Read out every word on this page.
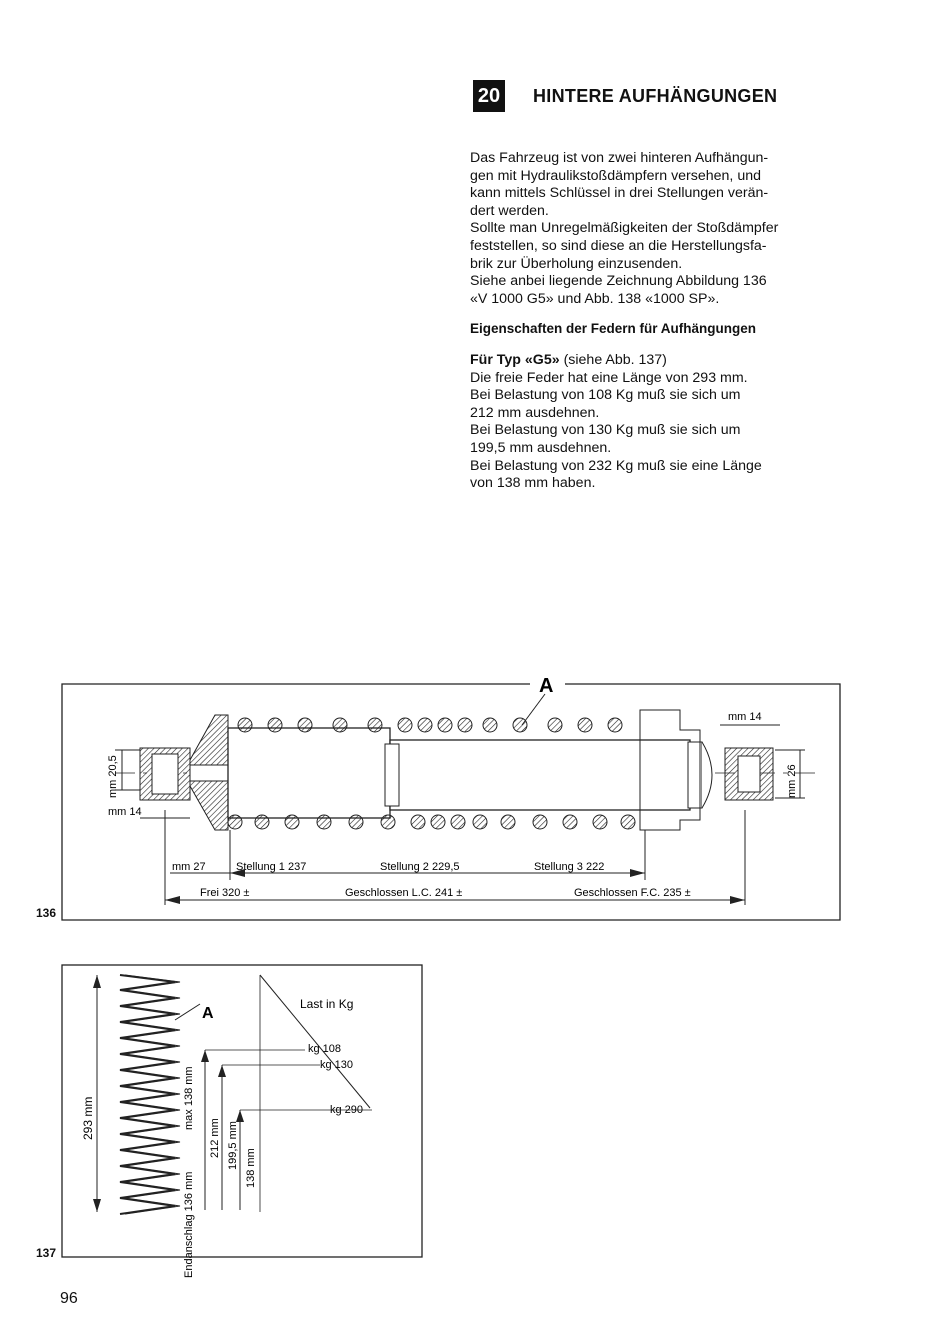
20 HINTERE AUFHÄNGUNGEN

Das Fahrzeug ist von zwei hinteren Aufhängun-

gen mit Hydraulikstoßdämpfern versehen, und

kann mittels Schlüssel in drei Stellungen verän-

dert werden.

Sollte man Unregelmäßigkeiten der Stoßdämpfer

feststellen, so sind diese an die Herstellungsfa-

brik zur Überholung einzusenden.

Siehe anbei liegende Zeichnung Abbildung 136

«V 1000 G5» und Abb. 138 «1000 SP».

Eigenschaften der Federn für Aufhängungen

Für Typ «G5» (siehe Abb. 137)

Die freie Feder hat eine Länge von 293 mm.

Bei Belastung von 108 Kg muß sie sich um

212 mm ausdehnen.

Bei Belastung von 130 Kg muß sie sich um

199,5 mm ausdehnen.

Bei Belastung von 232 Kg muß sie eine Länge

von 138 mm haben.

A
mm 20,5
mm 14
mm 14
mm 26
mm 27	Stellung 1 237	Stellung 2 229,5	Stellung 3 222
Frei 320 ±	Geschlossen L.C. 241 ±	Geschlossen F.C. 235 ±
136
A
293 mm
Last in Kg
kg 108
kg 130
kg 290
212 mm 199,5 mm 138 mm
max 138 mm
Endanschlag 136 mm
137
96
